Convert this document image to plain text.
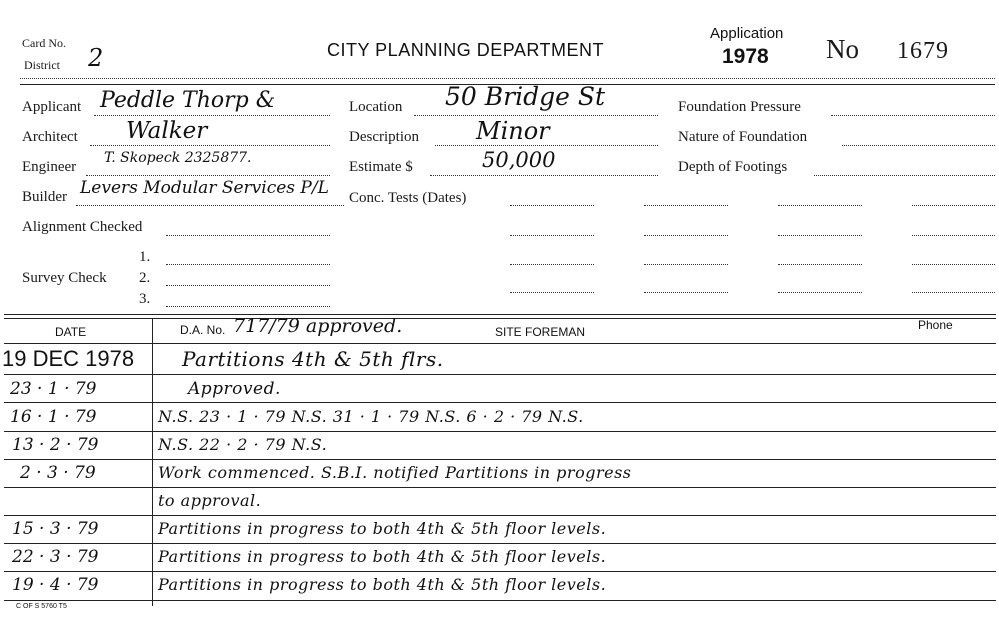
Card No.
District 2	CITY PLANNING DEPARTMENT
Application
1978 No 1679
Applicant Peddle Thorp &
Architect Walker
Engineer
T. Skopeck 2325877.
Builder Levers Modular Services P/L
Alignment Checked
Survey Check
1.
2.
3.
Location 50 Bridge St
Description Minor
Estimate $	50,000
Conc. Tests (Dates)
Foundation Pressure
Nature of Foundation
Depth of Footings
DATE	D.A. No. 717/79 approved.	SITE FOREMAN	Phone
19 DEC 1978 Partitions 4th & 5th flrs.
23 · 1 · 79	Approved.
16 · 1 · 79	N.S. 23 · 1 · 79 N.S. 31 · 1 · 79 N.S. 6 · 2 · 79 N.S.
13 · 2 · 79	N.S. 22 · 2 · 79 N.S.
2 · 3 · 79	Work commenced. S.B.I. notified Partitions in progress
to approval.
15 · 3 · 79	Partitions in progress to both 4th & 5th floor levels.
22 · 3 · 79	Partitions in progress to both 4th & 5th floor levels.
19 · 4 · 79	Partitions in progress to both 4th & 5th floor levels.
C OF S 5760 T5
